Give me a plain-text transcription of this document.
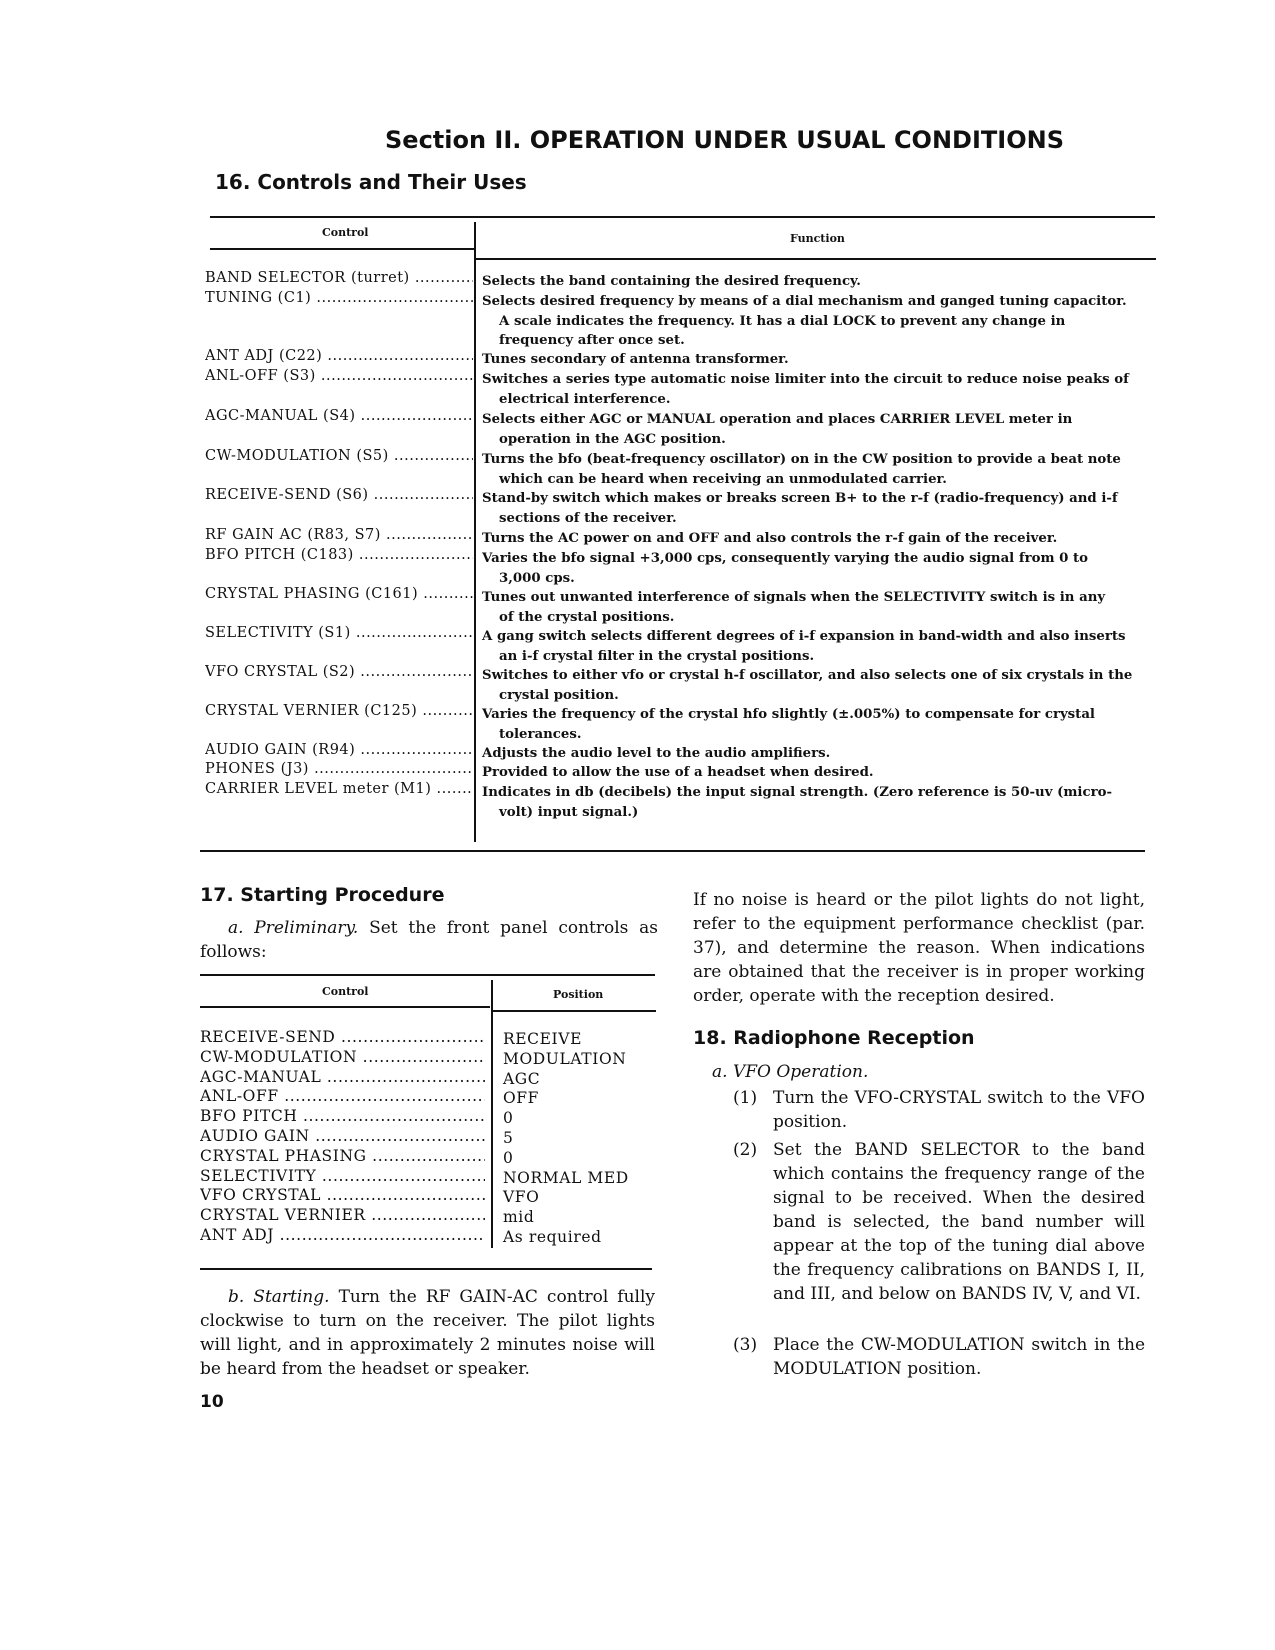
Section II. OPERATION UNDER USUAL CONDITIONS
16. Controls and Their Uses
Control	Function
BAND SELECTOR (turret) .....	Selects the band containing the desired frequency.
TUNING (C1) .....	Selects desired frequency by means of a dial mechanism and ganged tuning capacitor.
A scale indicates the frequency. It has a dial LOCK to prevent any change in
frequency after once set.
ANT ADJ (C22) .....	Tunes secondary of antenna transformer.
ANL-OFF (S3) .....	Switches a series type automatic noise limiter into the circuit to reduce noise peaks of
electrical interference.
AGC-MANUAL (S4) .....	Selects either AGC or MANUAL operation and places CARRIER LEVEL meter in
operation in the AGC position.
CW-MODULATION (S5) .....	Turns the bfo (beat-frequency oscillator) on in the CW position to provide a beat note
which can be heard when receiving an unmodulated carrier.
RECEIVE-SEND (S6) .....	Stand-by switch which makes or breaks screen B+ to the r-f (radio-frequency) and i-f
sections of the receiver.
RF GAIN AC (R83, S7) .....	Turns the AC power on and OFF and also controls the r-f gain of the receiver.
BFO PITCH (C183) .....	Varies the bfo signal +3,000 cps, consequently varying the audio signal from 0 to
3,000 cps.
CRYSTAL PHASING (C161) .....	Tunes out unwanted interference of signals when the SELECTIVITY switch is in any
of the crystal positions.
SELECTIVITY (S1) .....	A gang switch selects different degrees of i-f expansion in band-width and also inserts
an i-f crystal filter in the crystal positions.
VFO CRYSTAL (S2) .....	Switches to either vfo or crystal h-f oscillator, and also selects one of six crystals in the
crystal position.
CRYSTAL VERNIER (C125) .....	Varies the frequency of the crystal hfo slightly (±.005%) to compensate for crystal
tolerances.
AUDIO GAIN (R94) .....	Adjusts the audio level to the audio amplifiers.
PHONES (J3) .....	Provided to allow the use of a headset when desired.
CARRIER LEVEL meter (M1) .....	Indicates in db (decibels) the input signal strength. (Zero reference is 50-uv (micro-
volt) input signal.)
17. Starting Procedure
a. Preliminary. Set the front panel controls as follows:
Control	Position
RECEIVE-SEND .....	RECEIVE
CW-MODULATION .....	MODULATION
AGC-MANUAL .....	AGC
ANL-OFF .....	OFF
BFO PITCH .....	0
AUDIO GAIN .....	5
CRYSTAL PHASING .....	0
SELECTIVITY .....	NORMAL MED
VFO CRYSTAL .....	VFO
CRYSTAL VERNIER .....	mid
ANT ADJ .....	As required
b. Starting. Turn the RF GAIN-AC control fully clockwise to turn on the receiver. The pilot lights will light, and in approximately 2 minutes noise will be heard from the headset or speaker.
10
If no noise is heard or the pilot lights do not light, refer to the equipment performance checklist (par. 37), and determine the reason. When indications are obtained that the receiver is in proper working order, operate with the reception desired.
18. Radiophone Reception
a. VFO Operation.
(1) Turn the VFO-CRYSTAL switch to the VFO position.
(2) Set the BAND SELECTOR to the band which contains the frequency range of the signal to be received. When the desired band is selected, the band number will appear at the top of the tuning dial above the frequency calibrations on BANDS I, II, and III, and below on BANDS IV, V, and VI.
(3) Place the CW-MODULATION switch in the MODULATION position.
